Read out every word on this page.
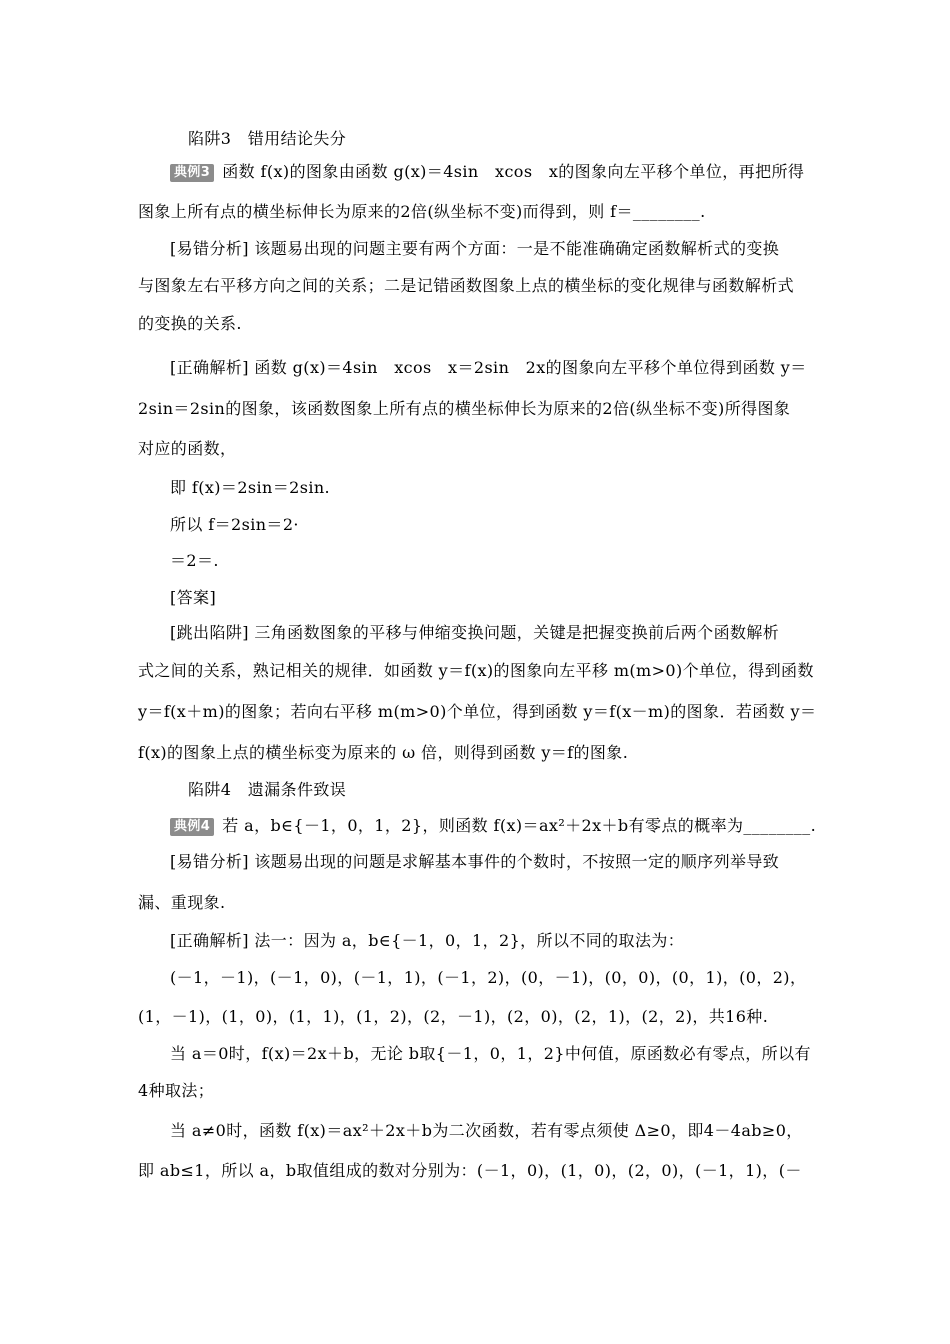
陷阱3　错用结论失分
典例3 函数 f(x)的图象由函数 g(x)＝4sin　xcos　x的图象向左平移个单位，再把所得
图象上所有点的横坐标伸长为原来的2倍(纵坐标不变)而得到，则 f＝________.
[易错分析] 该题易出现的问题主要有两个方面：一是不能准确确定函数解析式的变换
与图象左右平移方向之间的关系；二是记错函数图象上点的横坐标的变化规律与函数解析式
的变换的关系.
[正确解析] 函数 g(x)＝4sin　xcos　x＝2sin　2x的图象向左平移个单位得到函数 y＝
2sin＝2sin的图象，该函数图象上所有点的横坐标伸长为原来的2倍(纵坐标不变)所得图象
对应的函数，
即 f(x)＝2sin＝2sin.
所以 f＝2sin＝2·
＝2＝.
[答案]
[跳出陷阱] 三角函数图象的平移与伸缩变换问题，关键是把握变换前后两个函数解析
式之间的关系，熟记相关的规律．如函数 y＝f(x)的图象向左平移 m(m>0)个单位，得到函数
y＝f(x＋m)的图象；若向右平移 m(m>0)个单位，得到函数 y＝f(x－m)的图象．若函数 y＝
f(x)的图象上点的横坐标变为原来的 ω 倍，则得到函数 y＝f的图象.
陷阱4　遗漏条件致误
典例4 若 a，b∈{－1，0，1，2}，则函数 f(x)＝ax²＋2x＋b有零点的概率为________.
[易错分析] 该题易出现的问题是求解基本事件的个数时，不按照一定的顺序列举导致
漏、重现象.
[正确解析] 法一：因为 a，b∈{－1，0，1，2}，所以不同的取法为：
(－1，－1)，(－1，0)，(－1，1)，(－1，2)，(0，－1)，(0，0)，(0，1)，(0，2)，
(1，－1)，(1，0)，(1，1)，(1，2)，(2，－1)，(2，0)，(2，1)，(2，2)，共16种.
当 a＝0时，f(x)＝2x＋b，无论 b取{－1，0，1，2}中何值，原函数必有零点，所以有
4种取法；
当 a≠0时，函数 f(x)＝ax²＋2x＋b为二次函数，若有零点须使 Δ≥0，即4－4ab≥0，
即 ab≤1，所以 a，b取值组成的数对分别为：(－1，0)，(1，0)，(2，0)，(－1，1)，(－
